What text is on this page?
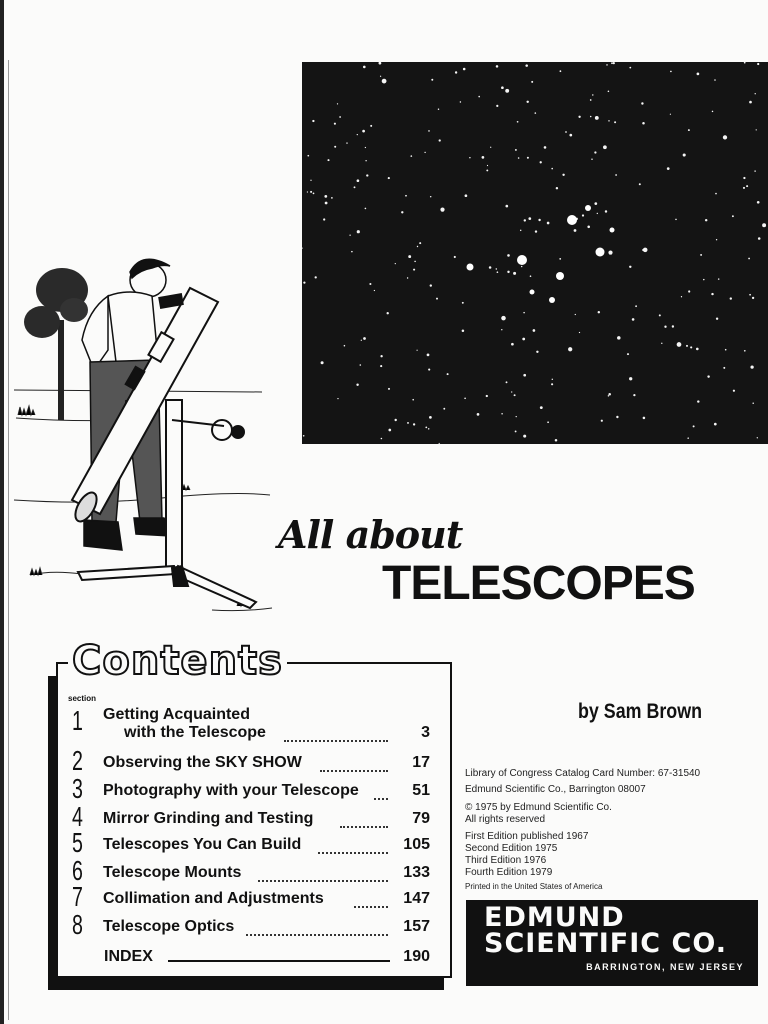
All about
TELESCOPES
Contents
section
1 Getting Acquainted
with the Telescope	3
2 Observing the SKY SHOW	17
3 Photography with your Telescope	51
4 Mirror Grinding and Testing	79
5 Telescopes You Can Build	105
6 Telescope Mounts	133
7 Collimation and Adjustments	147
8 Telescope Optics	157
INDEX	190
by Sam Brown
Library of Congress Catalog Card Number: 67-31540
Edmund Scientific Co., Barrington 08007
© 1975 by Edmund Scientific Co.
All rights reserved
First Edition published 1967
Second Edition 1975
Third Edition 1976
Fourth Edition 1979
Printed in the United States of America
EDMUND
SCIENTIFIC CO.
BARRINGTON, NEW JERSEY
